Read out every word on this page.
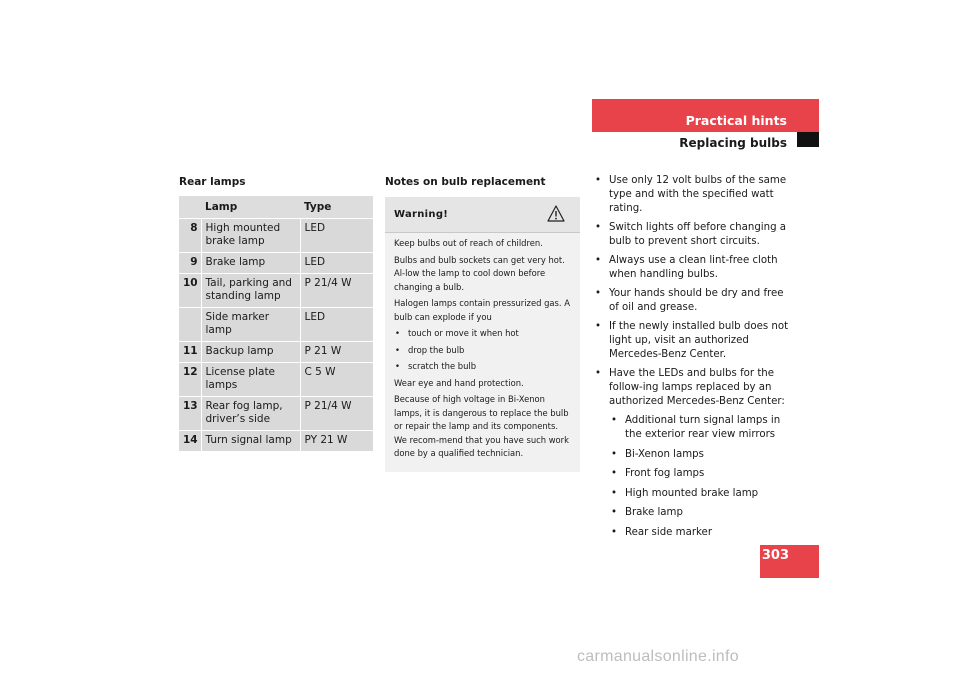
Practical hints
Replacing bulbs
Rear lamps	Notes on bulb replacement
	Lamp	Type
8	High mounted brake lamp	LED
9	Brake lamp	LED
10	Tail, parking and standing lamp	P 21/4 W
	Side marker lamp	LED
11	Backup lamp	P 21 W
12	License plate lamps	C 5 W
13	Rear fog lamp, driver’s side	P 21/4 W
14	Turn signal lamp	PY 21 W
Warning!

Keep bulbs out of reach of children.

Bulbs and bulb sockets can get very hot. Al-low the lamp to cool down before changing a bulb.

Halogen lamps contain pressurized gas. A bulb can explode if you

• touch or move it when hot
• drop the bulb
• scratch the bulb

Wear eye and hand protection.

Because of high voltage in Bi-Xenon lamps, it is dangerous to replace the bulb or repair the lamp and its components. We recom-mend that you have such work done by a qualified technician.

• Use only 12 volt bulbs of the same type and with the specified watt rating.
• Switch lights off before changing a bulb to prevent short circuits.
• Always use a clean lint-free cloth when handling bulbs.
• Your hands should be dry and free of oil and grease.
• If the newly installed bulb does not light up, visit an authorized Mercedes-Benz Center.
• Have the LEDs and bulbs for the follow-ing lamps replaced by an authorized Mercedes-Benz Center:
• Additional turn signal lamps in the exterior rear view mirrors
• Bi-Xenon lamps
• Front fog lamps
• High mounted brake lamp
• Brake lamp
• Rear side marker
303
carmanualsonline.info
